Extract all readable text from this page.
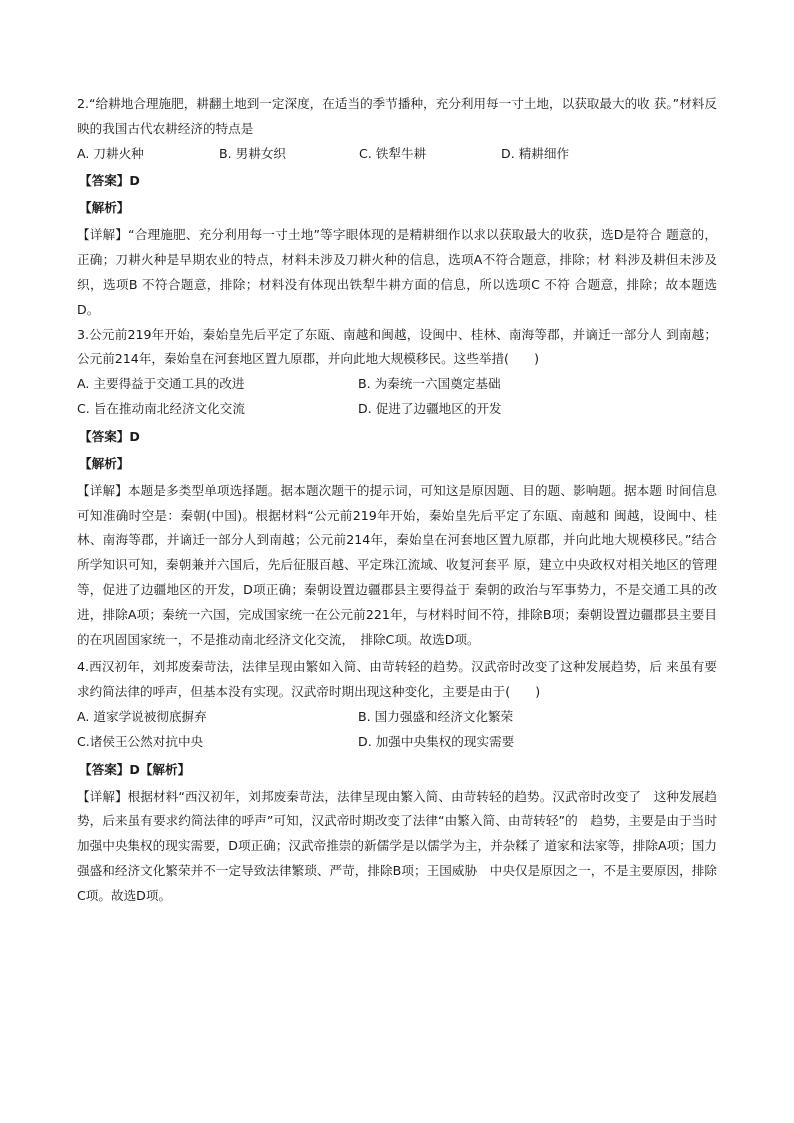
2.“给耕地合理施肥，耕翻土地到一定深度，在适当的季节播种，充分利用每一寸土地，以获取最大的收 获。”材料反映的我国古代农耕经济的特点是

A. 刀耕火种	B. 男耕女织	C. 铁犁牛耕	D. 精耕细作
【答案】D
【解析】

【详解】“合理施肥、充分利用每一寸土地”等字眼体现的是精耕细作以求以获取最大的收获，选D是符合 题意的，正确；刀耕火种是早期农业的特点，材料未涉及刀耕火种的信息，选项A不符合题意，排除；材 料涉及耕但未涉及织，选项B 不符合题意，排除；材料没有体现出铁犁牛耕方面的信息，所以选项C 不符 合题意，排除；故本题选D。

3.公元前219年开始，秦始皇先后平定了东瓯、南越和闽越，设闽中、桂林、南海等郡，并谪迁一部分人 到南越；公元前214年，秦始皇在河套地区置九原郡，并向此地大规模移民。这些举措(　　)

A. 主要得益于交通工具的改进	B. 为秦统一六国奠定基础
C. 旨在推动南北经济文化交流	D. 促进了边疆地区的开发
【答案】D
【解析】

【详解】本题是多类型单项选择题。据本题次题干的提示词，可知这是原因题、目的题、影响题。据本题 时间信息可知准确时空是：秦朝(中国)。根据材料“公元前219年开始，秦始皇先后平定了东瓯、南越和 闽越，设闽中、桂林、南海等郡，并谪迁一部分人到南越；公元前214年，秦始皇在河套地区置九原郡，并向此地大规模移民。”结合所学知识可知，秦朝兼并六国后，先后征服百越、平定珠江流域、收复河套平 原，建立中央政权对相关地区的管理等，促进了边疆地区的开发，D项正确；秦朝设置边疆郡县主要得益于 秦朝的政治与军事势力，不是交通工具的改进，排除A项；秦统一六国，完成国家统一在公元前221年，与材料时间不符，排除B项；秦朝设置边疆郡县主要目的在巩固国家统一，不是推动南北经济文化交流，　排除C项。故选D项。

4.西汉初年，刘邦废秦苛法，法律呈现由繁如入简、由苛转轻的趋势。汉武帝时改变了这种发展趋势，后 来虽有要求约简法律的呼声，但基本没有实现。汉武帝时期出现这种变化，主要是由于(　　)

A. 道家学说被彻底摒弃	B. 国力强盛和经济文化繁荣
C.诸侯王公然对抗中央	D. 加强中央集权的现实需要
【答案】D【解析】

【详解】根据材料“西汉初年，刘邦废秦苛法，法律呈现由繁入简、由苛转轻的趋势。汉武帝时改变了　这种发展趋势，后来虽有要求约简法律的呼声”可知，汉武帝时期改变了法律“由繁入简、由苛转轻”的　趋势，主要是由于当时加强中央集权的现实需要，D项正确；汉武帝推崇的新儒学是以儒学为主，并杂糅了 道家和法家等，排除A项；国力强盛和经济文化繁荣并不一定导致法律繁琐、严苛，排除B项；王国威胁　中央仅是原因之一，不是主要原因，排除C项。故选D项。
